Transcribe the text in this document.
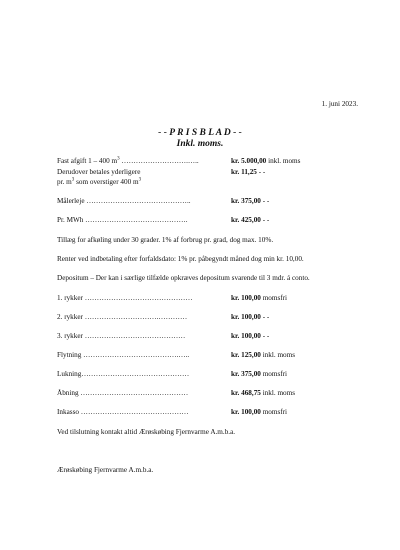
1. juni 2023.
- - P R I S B L A D - -
Inkl. moms.
Fast afgift 1 – 400 $m^3$ ……………………….…..	kr. 5.000,00 inkl. moms
Derudover betales yderligere	kr. 11,25 - -
pr. $m^3$ som overstiger 400 $m^3$
Målerleje ……………………………………..	kr. 375,00 - -
Pr. MWh …………………………………….	kr. 425,00 - -
Tillæg for afkøling under 30 grader. 1% af forbrug pr. grad, dog max. 10%.
Renter ved indbetaling efter forfaldsdato: 1% pr. påbegyndt måned dog min kr. 10,00.
Depositum – Der kan i særlige tilfælde opkræves depositum svarende til 3 mdr. á conto.
1. rykker ………………………………………	kr. 100,00 momsfri
2. rykker ………………………….…………	kr. 100,00 - -
3. rykker ……………………………………	kr. 100,00 - -
Flytning ………………………………….…..	kr. 125,00 inkl. moms
Lukning………………………………………	kr. 375,00 momsfri
Åbning ………………………………………	kr. 468,75 inkl. moms
Inkasso ………………………………………	kr. 100,00 momsfri
Ved tilslutning kontakt altid Ærøskøbing Fjernvarme A.m.b.a.
Ærøskøbing Fjernvarme A.m.b.a.
